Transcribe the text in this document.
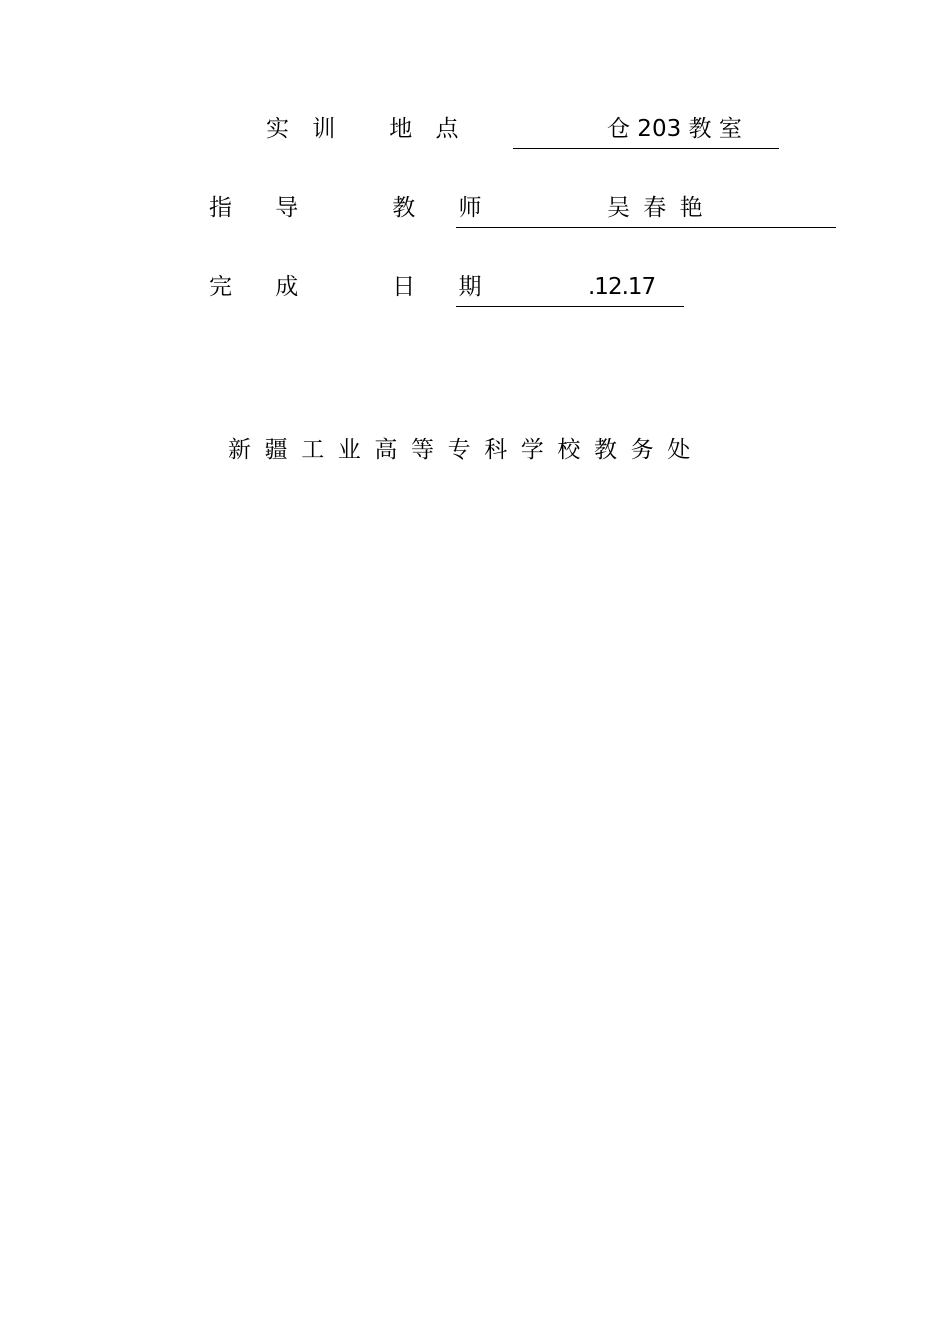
实 训   地 点	仓 203 教 室
指 导   教 师	吴 春 艳
完 成   日 期	.12.17
新疆工业高等专科学校教务处
